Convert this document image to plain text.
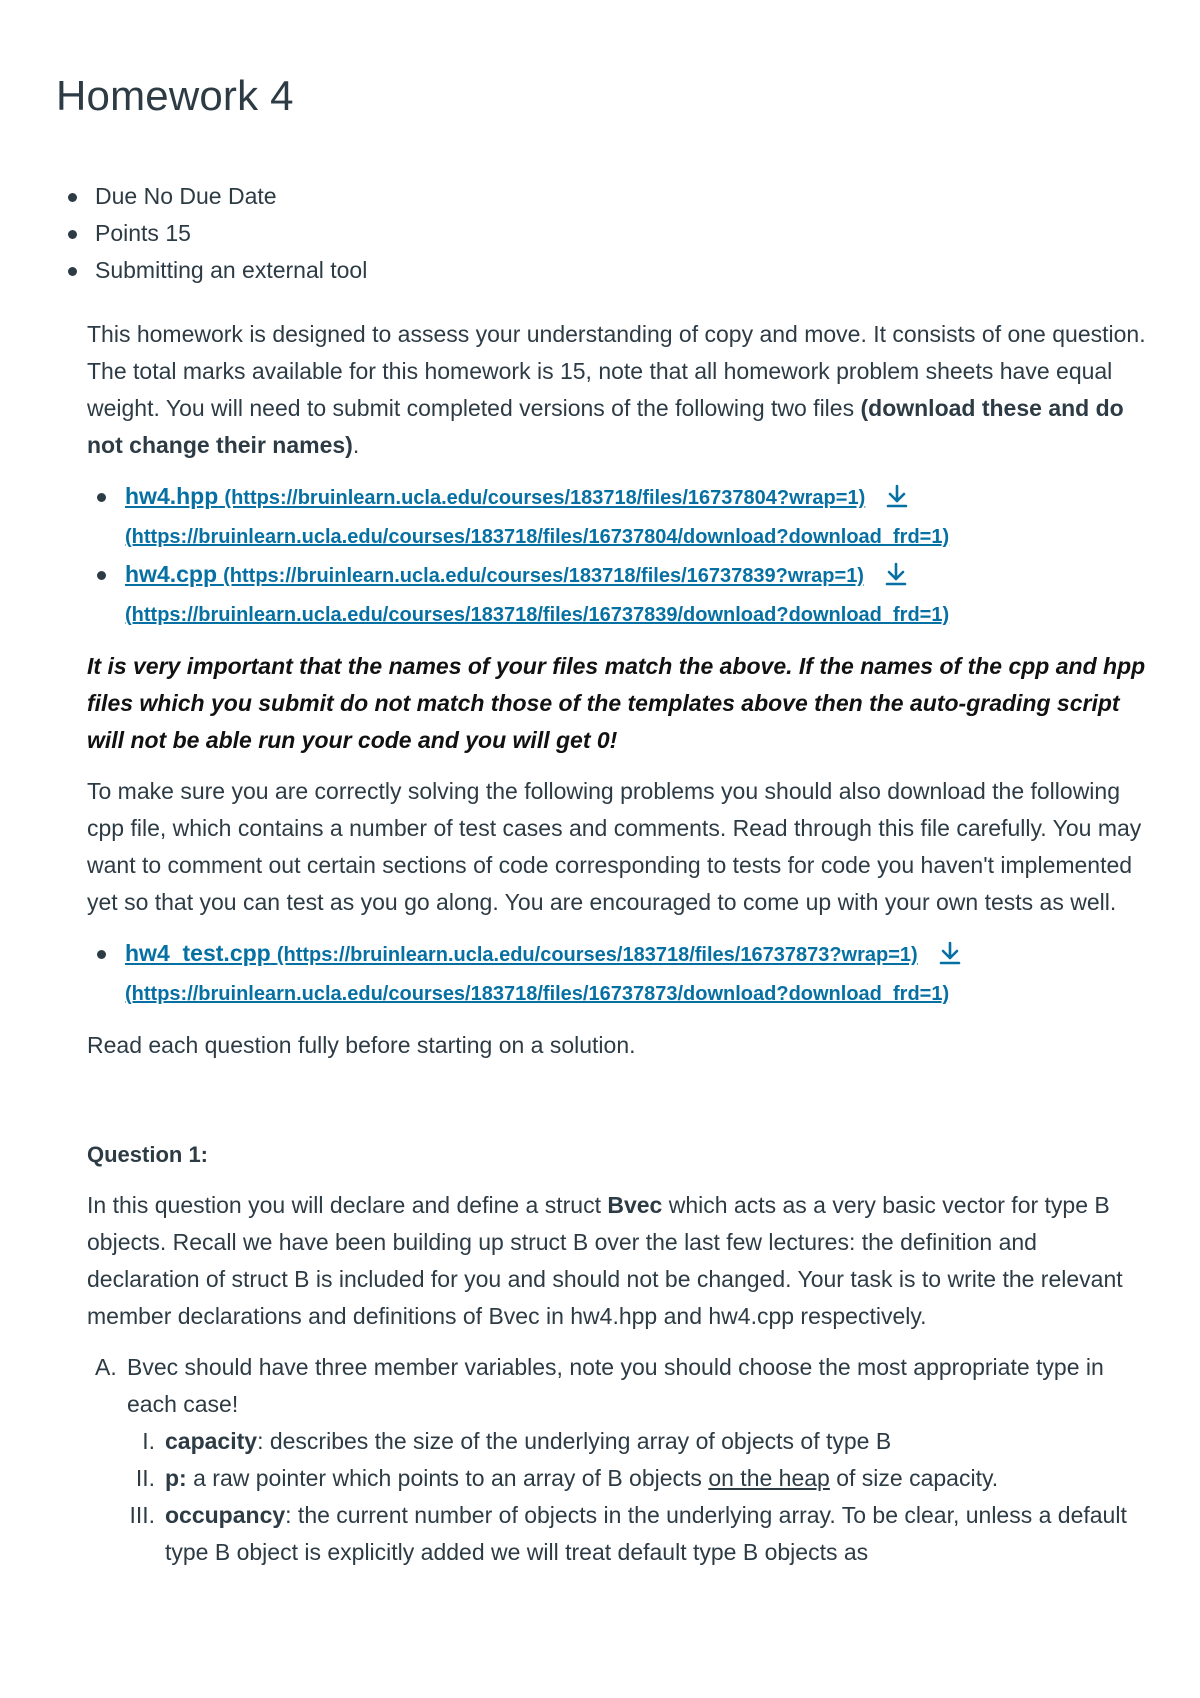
Homework 4
Due No Due Date
Points 15
Submitting an external tool

This homework is designed to assess your understanding of copy and move. It consists of one question. The total marks available for this homework is 15, note that all homework problem sheets have equal weight. You will need to submit completed versions of the following two files (download these and do not change their names).

hw4.hpp (https://bruinlearn.ucla.edu/courses/183718/files/16737804?wrap=1)
(https://bruinlearn.ucla.edu/courses/183718/files/16737804/download?download_frd=1)
hw4.cpp (https://bruinlearn.ucla.edu/courses/183718/files/16737839?wrap=1)
(https://bruinlearn.ucla.edu/courses/183718/files/16737839/download?download_frd=1)

It is very important that the names of your files match the above. If the names of the cpp and hpp files which you submit do not match those of the templates above then the auto-grading script will not be able run your code and you will get 0!

To make sure you are correctly solving the following problems you should also download the following cpp file, which contains a number of test cases and comments. Read through this file carefully. You may want to comment out certain sections of code corresponding to tests for code you haven't implemented yet so that you can test as you go along. You are encouraged to come up with your own tests as well.

hw4_test.cpp (https://bruinlearn.ucla.edu/courses/183718/files/16737873?wrap=1)
(https://bruinlearn.ucla.edu/courses/183718/files/16737873/download?download_frd=1)

Read each question fully before starting on a solution.

Question 1:

In this question you will declare and define a struct Bvec which acts as a very basic vector for type B objects. Recall we have been building up struct B over the last few lectures: the definition and declaration of struct B is included for you and should not be changed. Your task is to write the relevant member declarations and definitions of Bvec in hw4.hpp and hw4.cpp respectively.

A. Bvec should have three member variables, note you should choose the most appropriate type in each case!
I. capacity: describes the size of the underlying array of objects of type B
II. p: a raw pointer which points to an array of B objects on the heap of size capacity.
III. occupancy: the current number of objects in the underlying array. To be clear, unless a default type B object is explicitly added we will treat default type B objects as
